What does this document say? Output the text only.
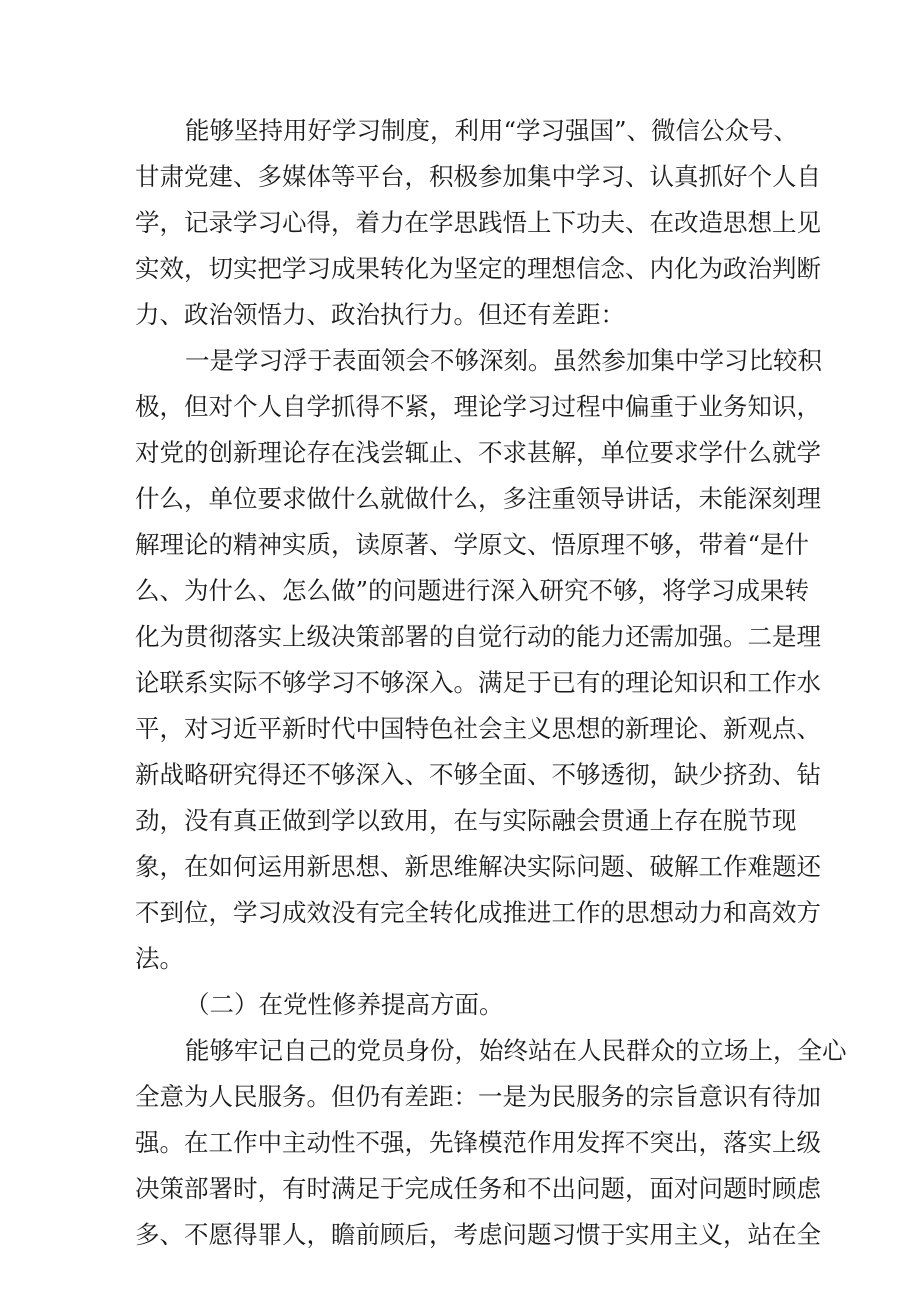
能够坚持用好学习制度，利用“学习强国”、微信公众号、
甘肃党建、多媒体等平台，积极参加集中学习、认真抓好个人自
学，记录学习心得，着力在学思践悟上下功夫、在改造思想上见
实效，切实把学习成果转化为坚定的理想信念、内化为政治判断
力、政治领悟力、政治执行力。但还有差距：
一是学习浮于表面领会不够深刻。虽然参加集中学习比较积
极，但对个人自学抓得不紧，理论学习过程中偏重于业务知识，
对党的创新理论存在浅尝辄止、不求甚解，单位要求学什么就学
什么，单位要求做什么就做什么，多注重领导讲话，未能深刻理
解理论的精神实质，读原著、学原文、悟原理不够，带着“是什
么、为什么、怎么做”的问题进行深入研究不够，将学习成果转
化为贯彻落实上级决策部署的自觉行动的能力还需加强。二是理
论联系实际不够学习不够深入。满足于已有的理论知识和工作水
平，对习近平新时代中国特色社会主义思想的新理论、新观点、
新战略研究得还不够深入、不够全面、不够透彻，缺少挤劲、钻
劲，没有真正做到学以致用，在与实际融会贯通上存在脱节现
象，在如何运用新思想、新思维解决实际问题、破解工作难题还
不到位，学习成效没有完全转化成推进工作的思想动力和高效方
法。
（二）在党性修养提高方面。
能够牢记自己的党员身份，始终站在人民群众的立场上，全心
全意为人民服务。但仍有差距：一是为民服务的宗旨意识有待加
强。在工作中主动性不强，先锋模范作用发挥不突出，落实上级
决策部署时，有时满足于完成任务和不出问题，面对问题时顾虑
多、不愿得罪人，瞻前顾后，考虑问题习惯于实用主义，站在全
